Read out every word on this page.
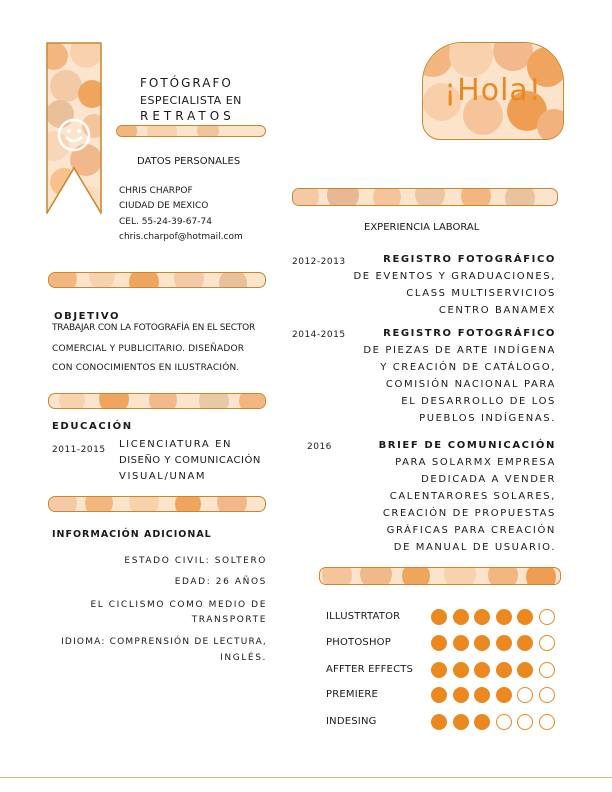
FOTÓGRAFO
ESPECIALISTA EN
RETRATOS
¡Hola!
DATOS PERSONALES
CHRIS CHARPOF
CIUDAD DE MEXICO
CEL. 55-24-39-67-74
chris.charpof@hotmail.com
OBJETIVO
TRABAJAR CON LA FOTOGRAFÍA EN EL SECTOR
COMERCIAL Y PUBLICITARIO. DISEÑADOR
CON CONOCIMIENTOS EN ILUSTRACIÓN.
EDUCACIÓN
2011-2015 LICENCIATURA EN
DISEÑO Y COMUNICACIÓN
VISUAL/UNAM
INFORMACIÓN ADICIONAL
ESTADO CIVIL: SOLTERO
EDAD: 26 AÑOS
EL CICLISMO COMO MEDIO DE
TRANSPORTE
IDIOMA: COMPRENSIÓN DE LECTURA,
INGLÉS.
EXPERIENCIA LABORAL
2012-2013	REGISTRO FOTOGRÁFICO
DE EVENTOS Y GRADUACIONES,
CLASS MULTISERVICIOS
CENTRO BANAMEX
2014-2015	REGISTRO FOTOGRÁFICO
DE PIEZAS DE ARTE INDÍGENA
Y CREACIÓN DE CATÁLOGO,
COMISIÓN NACIONAL PARA
EL DESARROLLO DE LOS
PUEBLOS INDÍGENAS.
2016	BRIEF DE COMUNICACIÓN
PARA SOLARMX EMPRESA
DEDICADA A VENDER
CALENTARORES SOLARES,
CREACIÓN DE PROPUESTAS
GRÁFICAS PARA CREACIÓN
DE MANUAL DE USUARIO.
ILLUSTRTATOR
PHOTOSHOP
AFFTER EFFECTS
PREMIERE
INDESING
